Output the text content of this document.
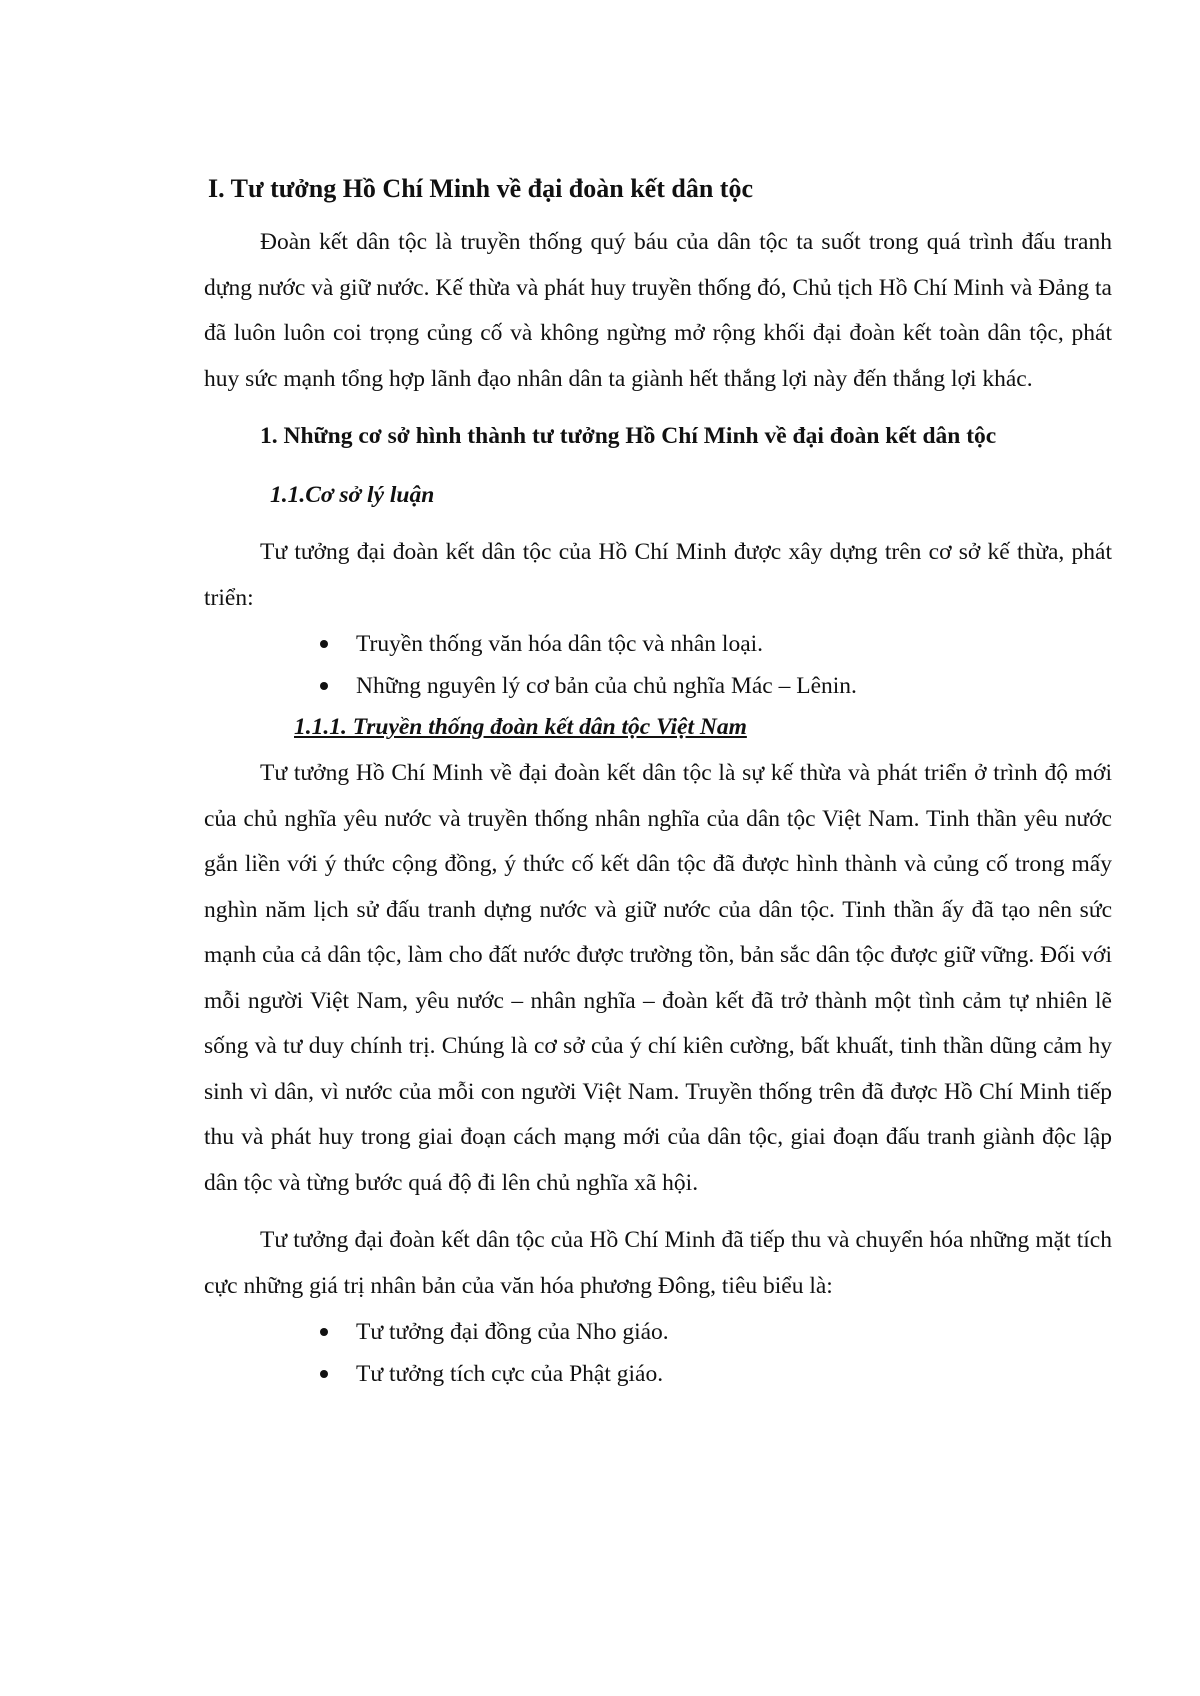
I. Tư tưởng Hồ Chí Minh về đại đoàn kết dân tộc

Đoàn kết dân tộc là truyền thống quý báu của dân tộc ta suốt trong quá trình đấu tranh dựng nước và giữ nước. Kế thừa và phát huy truyền thống đó, Chủ tịch Hồ Chí Minh và Đảng ta đã luôn luôn coi trọng củng cố và không ngừng mở rộng khối đại đoàn kết toàn dân tộc, phát huy sức mạnh tổng hợp lãnh đạo nhân dân ta giành hết thắng lợi này đến thắng lợi khác.

1. Những cơ sở hình thành tư tưởng Hồ Chí Minh về đại đoàn kết dân tộc
1.1.Cơ sở lý luận

Tư tưởng đại đoàn kết dân tộc của Hồ Chí Minh được xây dựng trên cơ sở kế thừa, phát triển:

Truyền thống văn hóa dân tộc và nhân loại.
Những nguyên lý cơ bản của chủ nghĩa Mác – Lênin.
1.1.1. Truyền thống đoàn kết dân tộc Việt Nam

Tư tưởng Hồ Chí Minh về đại đoàn kết dân tộc là sự kế thừa và phát triển ở trình độ mới của chủ nghĩa yêu nước và truyền thống nhân nghĩa của dân tộc Việt Nam. Tinh thần yêu nước gắn liền với ý thức cộng đồng, ý thức cố kết dân tộc đã được hình thành và củng cố trong mấy nghìn năm lịch sử đấu tranh dựng nước và giữ nước của dân tộc. Tinh thần ấy đã tạo nên sức mạnh của cả dân tộc, làm cho đất nước được trường tồn, bản sắc dân tộc được giữ vững. Đối với mỗi người Việt Nam, yêu nước – nhân nghĩa – đoàn kết đã trở thành một tình cảm tự nhiên lẽ sống và tư duy chính trị. Chúng là cơ sở của ý chí kiên cường, bất khuất, tinh thần dũng cảm hy sinh vì dân, vì nước của mỗi con người Việt Nam. Truyền thống trên đã được Hồ Chí Minh tiếp thu và phát huy trong giai đoạn cách mạng mới của dân tộc, giai đoạn đấu tranh giành độc lập dân tộc và từng bước quá độ đi lên chủ nghĩa xã hội.

Tư tưởng đại đoàn kết dân tộc của Hồ Chí Minh đã tiếp thu và chuyển hóa những mặt tích cực những giá trị nhân bản của văn hóa phương Đông, tiêu biểu là:

Tư tưởng đại đồng của Nho giáo.
Tư tưởng tích cực của Phật giáo.
